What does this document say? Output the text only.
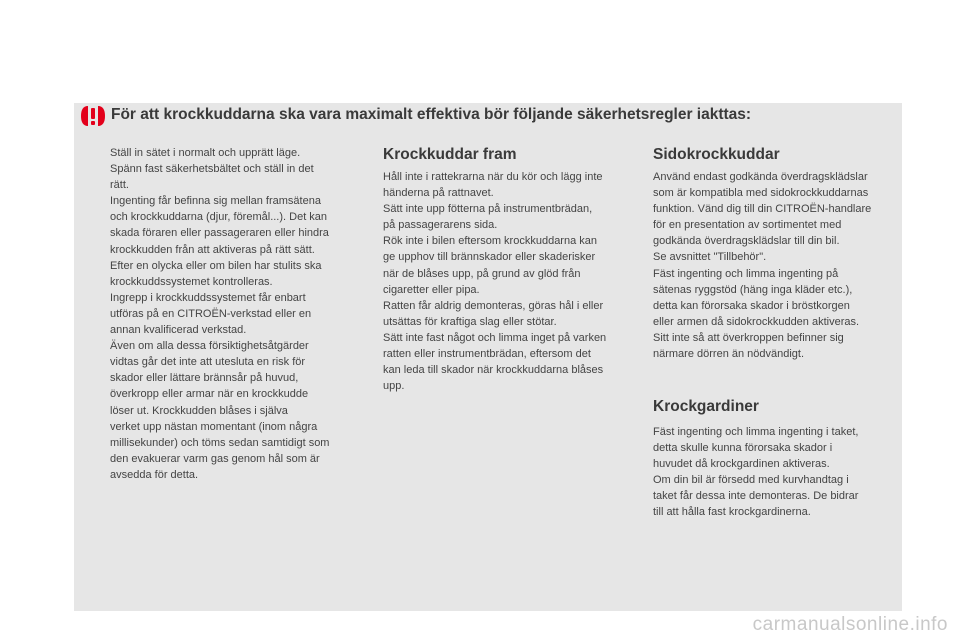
För att krockkuddarna ska vara maximalt effektiva bör följande säkerhetsregler iakttas:
Ställ in sätet i normalt och upprätt läge.
Spänn fast säkerhetsbältet och ställ in det
rätt.
Ingenting får befinna sig mellan framsätena
och krockkuddarna (djur, föremål...). Det kan
skada föraren eller passageraren eller hindra
krockkudden från att aktiveras på rätt sätt.
Efter en olycka eller om bilen har stulits ska
krockkuddssystemet kontrolleras.
Ingrepp i krockkuddssystemet får enbart
utföras på en CITROËN-verkstad eller en
annan kvalificerad verkstad.
Även om alla dessa försiktighetsåtgärder
vidtas går det inte att utesluta en risk för
skador eller lättare brännsår på huvud,
överkropp eller armar när en krockkudde
löser ut. Krockkudden blåses i själva
verket upp nästan momentant (inom några
millisekunder) och töms sedan samtidigt som
den evakuerar varm gas genom hål som är
avsedda för detta.
Krockkuddar fram
Håll inte i rattekrarna när du kör och lägg inte
händerna på rattnavet.
Sätt inte upp fötterna på instrumentbrädan,
på passagerarens sida.
Rök inte i bilen eftersom krockkuddarna kan
ge upphov till brännskador eller skaderisker
när de blåses upp, på grund av glöd från
cigaretter eller pipa.
Ratten får aldrig demonteras, göras hål i eller
utsättas för kraftiga slag eller stötar.
Sätt inte fast något och limma inget på varken
ratten eller instrumentbrädan, eftersom det
kan leda till skador när krockkuddarna blåses
upp.
Sidokrockkuddar
Använd endast godkända överdragsklädslar
som är kompatibla med sidokrockkuddarnas
funktion. Vänd dig till din CITROËN-handlare
för en presentation av sortimentet med
godkända överdragsklädslar till din bil.
Se avsnittet "Tillbehör".
Fäst ingenting och limma ingenting på
sätenas ryggstöd (häng inga kläder etc.),
detta kan förorsaka skador i bröstkorgen
eller armen då sidokrockkudden aktiveras.
Sitt inte så att överkroppen befinner sig
närmare dörren än nödvändigt.
Krockgardiner
Fäst ingenting och limma ingenting i taket,
detta skulle kunna förorsaka skador i
huvudet då krockgardinen aktiveras.
Om din bil är försedd med kurvhandtag i
taket får dessa inte demonteras. De bidrar
till att hålla fast krockgardinerna.
carmanualsonline.info
